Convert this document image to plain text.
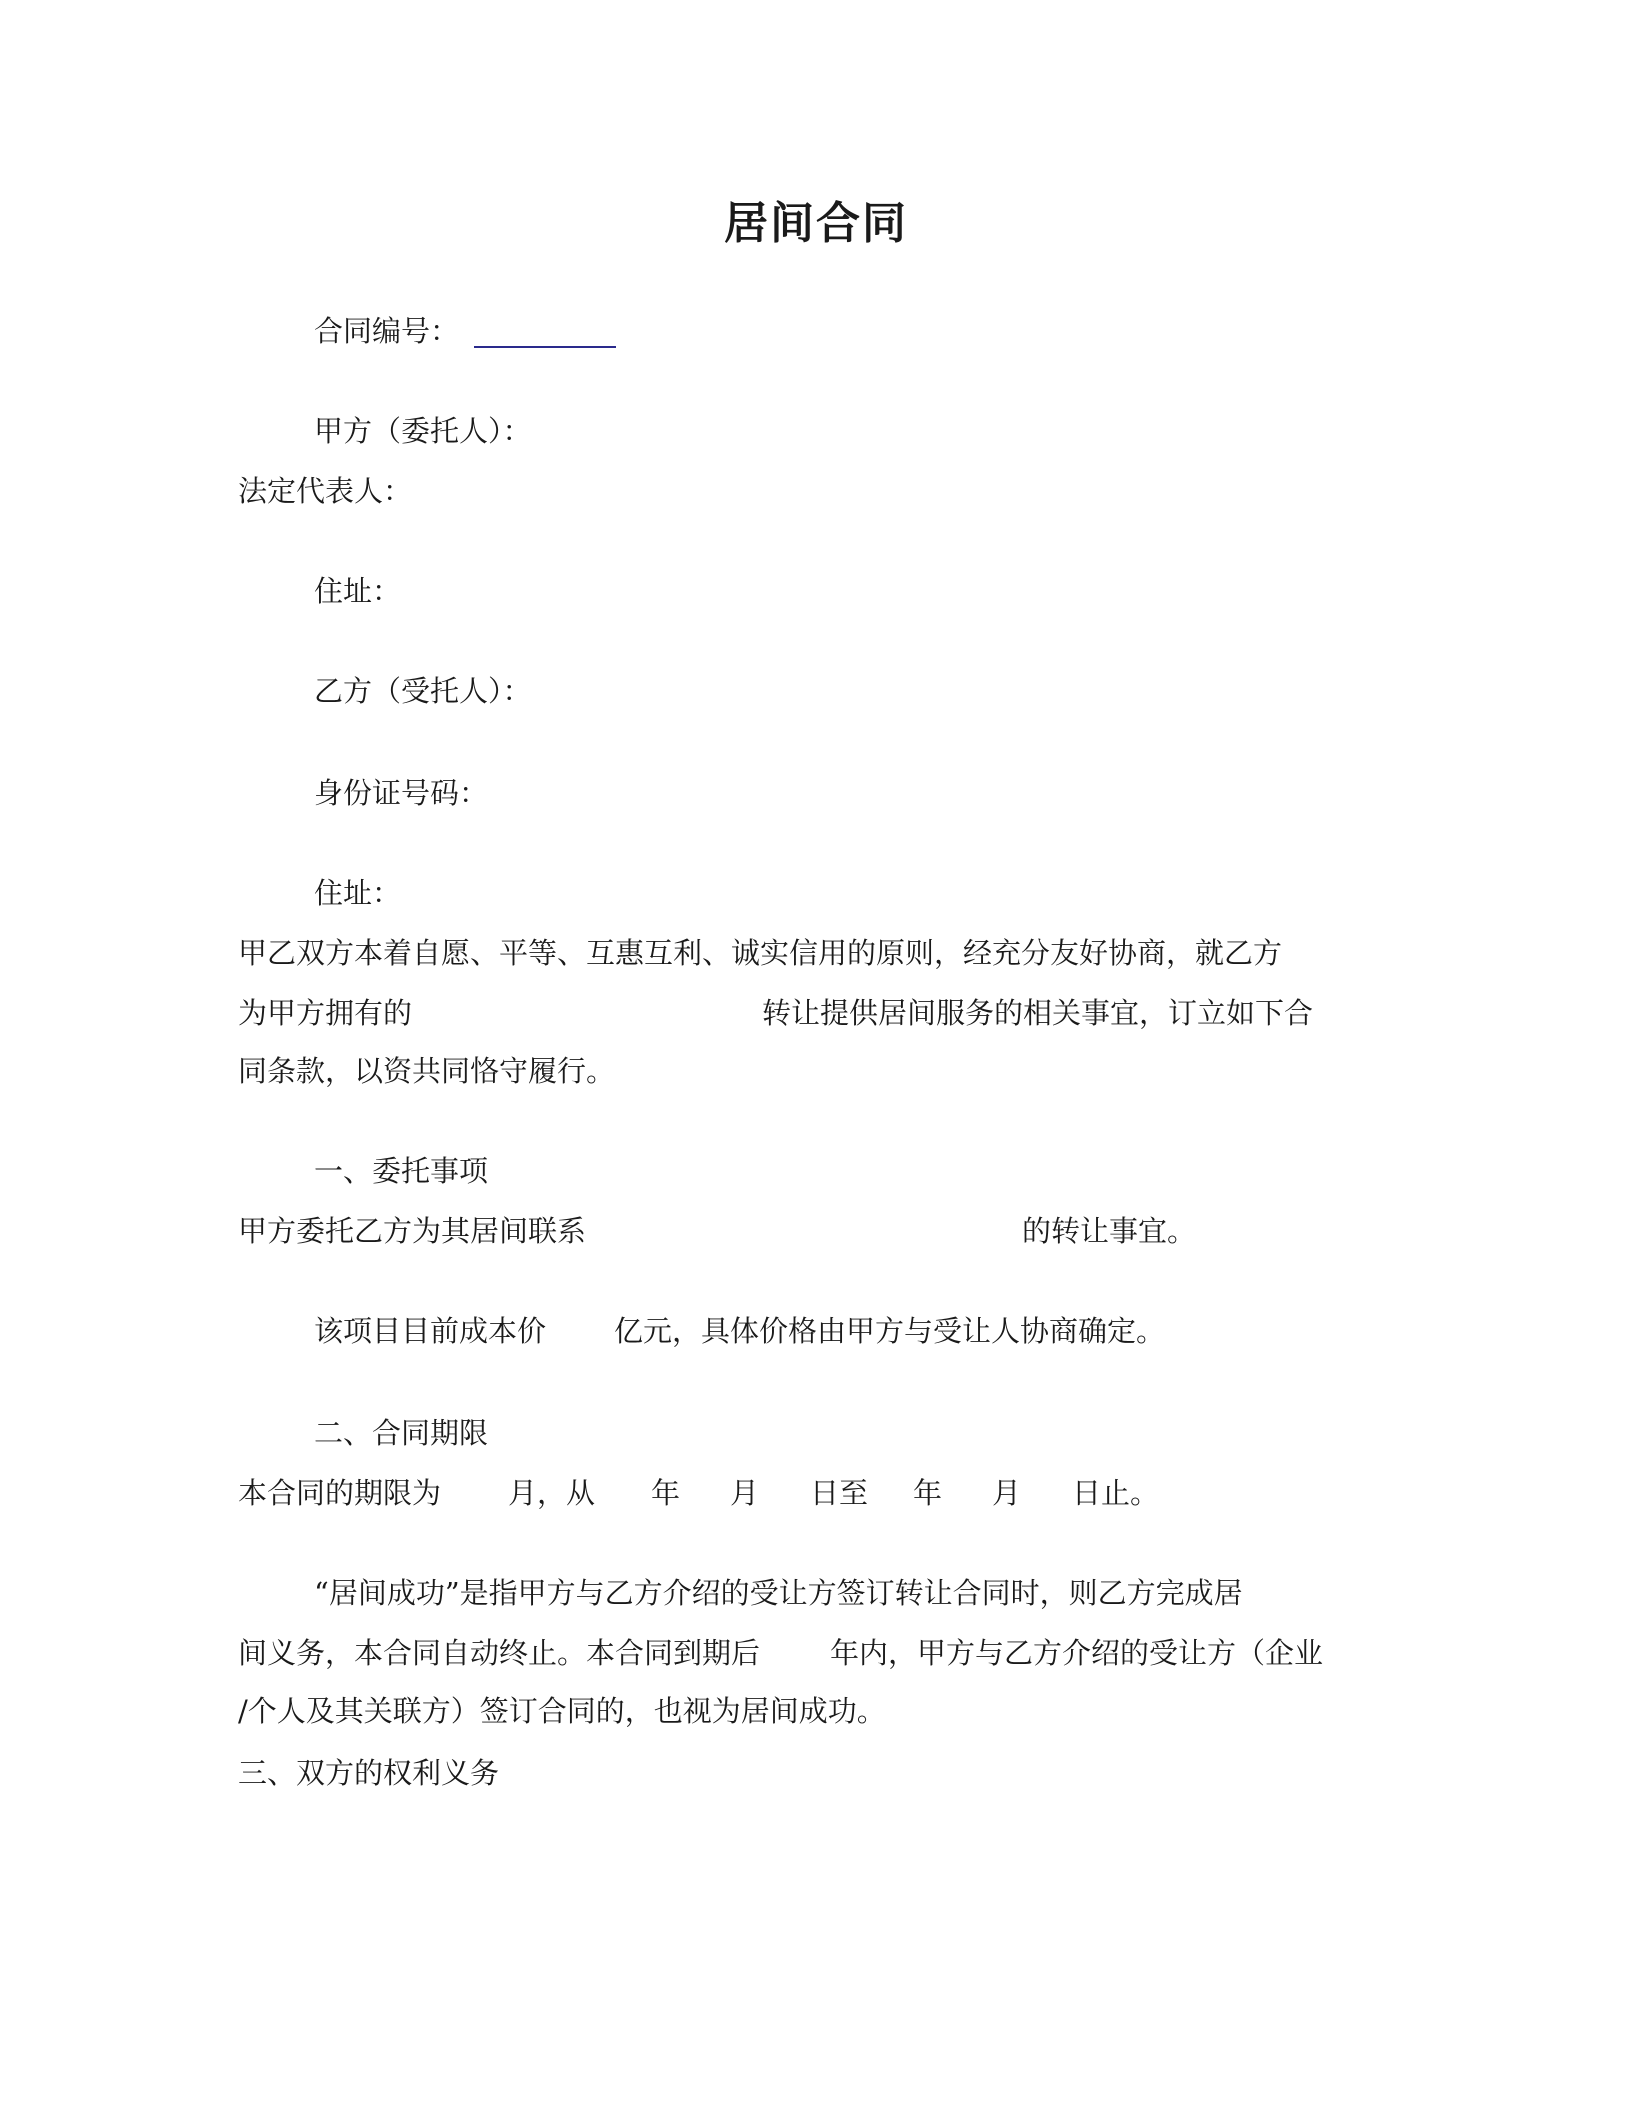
居间合同

合同编号：

甲方（委托人）：

法定代表人：

住址：

乙方（受托人）：

身份证号码：

住址：

甲乙双方本着自愿、平等、互惠互利、诚实信用的原则，经充分友好协商，就乙方

为甲方拥有的	转让提供居间服务的相关事宜，订立如下合

同条款，以资共同恪守履行。

一、委托事项

甲方委托乙方为其居间联系	的转让事宜。

该项目目前成本价 亿元，具体价格由甲方与受让人协商确定。

二、合同期限

本合同的期限为 月，从 年 月 日至 年 月 日止。

“居间成功”是指甲方与乙方介绍的受让方签订转让合同时，则乙方完成居

间义务，本合同自动终止。本合同到期后 年内，甲方与乙方介绍的受让方（企业

/个人及其关联方）签订合同的，也视为居间成功。

三、双方的权利义务
